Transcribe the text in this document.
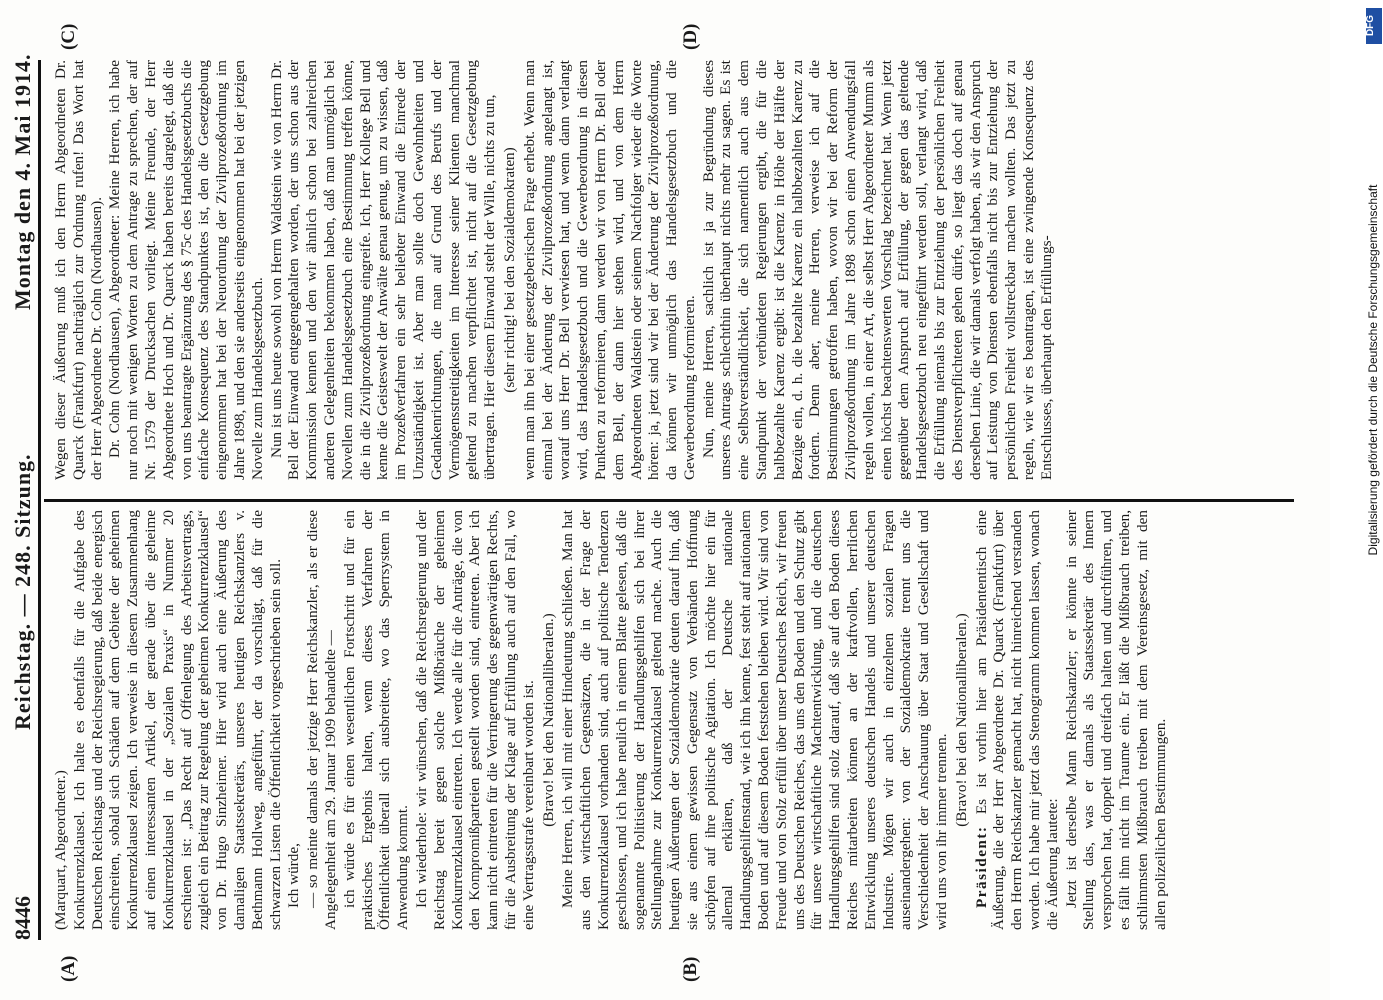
8446
Reichstag. — 248. Sitzung.
Montag den 4. Mai 1914.
(A)	(B)
(C)	(D)

(Marquart, Abgeordneter.) Konkurrenzklausel. Ich halte es ebenfalls für die Aufgabe des Deutschen Reichstags und der Reichsregierung, daß beide energisch einschreiten, sobald sich Schäden auf dem Gebiete der geheimen Konkurrenzklausel zeigen. Ich verweise in diesem Zusammenhang auf einen interessanten Artikel, der gerade über die geheime Konkurrenzklausel in der „Sozialen Praxis“ in Nummer 20 erschienen ist: „Das Recht auf Offenlegung des Arbeitsvertrags, zugleich ein Beitrag zur Regelung der geheimen Konkurrenzklausel“ von Dr. Hugo Sinzheimer. Hier wird auch eine Äußerung des damaligen Staatssekretärs, unseres heutigen Reichskanzlers v. Bethmann Hollweg, angeführt, der da vorschlägt, daß für die schwarzen Listen die Öffentlichkeit vorgeschrieben sein soll. Ich würde, — so meinte damals der jetzige Herr Reichskanzler, als er diese Angelegenheit am 29. Januar 1909 behandelte — ich würde es für einen wesentlichen Fortschritt und für ein praktisches Ergebnis halten, wenn dieses Verfahren der Öffentlichkeit überall sich ausbreitete, wo das Sperrsystem in Anwendung kommt. Ich wiederhole: wir wünschen, daß die Reichsregierung und der Reichstag bereit gegen solche Mißbräuche der geheimen Konkurrenzklausel eintreten. Ich werde alle für die Anträge, die von den Kompromißparteien gestellt worden sind, eintreten. Aber ich kann nicht eintreten für die Verringerung des gegenwärtigen Rechts, für die Ausbreitung der Klage auf Erfüllung auch auf den Fall, wo eine Vertragsstrafe vereinbart worden ist. (Bravo! bei den Nationalliberalen.) Meine Herren, ich will mit einer Hindeutung schließen. Man hat aus den wirtschaftlichen Gegensätzen, die in der Frage der Konkurrenzklausel vorhanden sind, auch auf politische Tendenzen geschlossen, und ich habe neulich in einem Blatte gelesen, daß die sogenannte Politisierung der Handlungsgehilfen sich bei ihrer Stellungnahme zur Konkurrenzklausel geltend mache. Auch die heutigen Äußerungen der Sozialdemokratie deuten darauf hin, daß sie aus einem gewissen Gegensatz von Verbänden Hoffnung schöpfen auf ihre politische Agitation. Ich möchte hier ein für allemal erklären, daß der Deutsche nationale Handlungsgehilfenstand, wie ich ihn kenne, fest steht auf nationalem Boden und auf diesem Boden feststehen bleiben wird. Wir sind von Freude und von Stolz erfüllt über unser Deutsches Reich, wir freuen uns des Deutschen Reiches, das uns den Boden und den Schutz gibt für unsere wirtschaftliche Machtentwicklung, und die deutschen Handlungsgehilfen sind stolz darauf, daß sie auf den Boden dieses Reiches mitarbeiten können an der kraftvollen, herrlichen Entwicklung unseres deutschen Handels und unserer deutschen Industrie. Mögen wir auch in einzelnen sozialen Fragen auseinandergehen: von der Sozialdemokratie trennt uns die Verschiedenheit der Anschauung über Staat und Gesellschaft und wird uns von ihr immer trennen.

(Bravo! bei den Nationalliberalen.)

Präsident: Es ist vorhin hier am Präsidententisch eine Äußerung, die der Herr Abgeordnete Dr. Quarck (Frankfurt) über den Herrn Reichskanzler gemacht hat, nicht hinreichend verstanden worden. Ich habe mir jetzt das Stenogramm kommen lassen, wonach die Äußerung lautete: Jetzt ist derselbe Mann Reichskanzler; er könnte in seiner Stellung das, was er damals als Staatssekretär des Innern versprochen hat, doppelt und dreifach halten und durchführen, und es fällt ihm nicht im Traume ein. Er läßt die Mißbrauch treiben, schlimmsten Mißbrauch treiben mit dem Vereinsgesetz, mit den allen polizeilichen Bestimmungen.

Wegen dieser Äußerung muß ich den Herrn Abgeordneten Dr. Quarck (Frankfurt) nachträglich zur Ordnung rufen! Das Wort hat der Herr Abgeordnete Dr. Cohn (Nordhausen). Dr. Cohn (Nordhausen), Abgeordneter: Meine Herren, ich habe nur noch mit wenigen Worten zu dem Antrage zu sprechen, der auf Nr. 1579 der Drucksachen vorliegt. Meine Freunde, der Herr Abgeordnete Hoch und Dr. Quarck haben bereits dargelegt, daß die von uns beantragte Ergänzung des § 75c des Handelsgesetzbuchs die einfache Konsequenz des Standpunktes ist, den die Gesetzgebung eingenommen hat bei der Neuordnung der Zivilprozeßordnung im Jahre 1898, und den sie anderseits eingenommen hat bei der jetzigen Novelle zum Handelsgesetzbuch. Nun ist uns heute sowohl von Herrn Waldstein wie von Herrn Dr. Bell der Einwand entgegengehalten worden, der uns schon aus der Kommission kennen und den wir ähnlich schon bei zahlreichen anderen Gelegenheiten bekommen haben, daß man unmöglich bei Novellen zum Handelsgesetzbuch eine Bestimmung treffen könne, die in die Zivilprozeßordnung eingreife. Ich, Herr Kollege Bell und kenne die Geisteswelt der Anwälte genau genug, um zu wissen, daß im Prozeßverfahren ein sehr beliebter Einwand die Einrede der Unzuständigkeit ist. Aber man sollte doch Gewohnheiten und Gedankenrichtungen, die man auf Grund des Berufs und der Vermögensstreitigkeiten im Interesse seiner Klienten manchmal geltend zu machen verpflichtet ist, nicht auf die Gesetzgebung übertragen. Hier diesem Einwand steht der Wille, nichts zu tun, (sehr richtig! bei den Sozialdemokraten) wenn man ihn bei einer gesetzgeberischen Frage erhebt. Wenn man einmal bei der Änderung der Zivilprozeßordnung angelangt ist, worauf uns Herr Dr. Bell verwiesen hat, und wenn dann verlangt wird, das Handelsgesetzbuch und die Gewerbeordnung in diesen Punkten zu reformieren, dann werden wir von Herrn Dr. Bell oder dem Bell, der dann hier stehen wird, und von dem Herrn Abgeordneten Waldstein oder seinem Nachfolger wieder die Worte hören: ja, jetzt sind wir bei der Änderung der Zivilprozeßordnung, da können wir unmöglich das Handelsgesetzbuch und die Gewerbeordnung reformieren. Nun, meine Herren, sachlich ist ja zur Begründung dieses unseres Antrags schlechthin überhaupt nichts mehr zu sagen. Es ist eine Selbstverständlichkeit, die sich namentlich auch aus dem Standpunkt der verbündeten Regierungen ergibt, die für die halbbezahlte Karenz ergibt: ist die Karenz in Höhe der Hälfte der Bezüge ein, d. h. die bezahlte Karenz ein halbbezahlten Karenz zu fordern. Denn aber, meine Herren, verweise ich auf die Bestimmungen getroffen haben, wovon wir bei der Reform der Zivilprozeßordnung im Jahre 1898 schon einen Anwendungsfall regeln wollen, in einer Art, die selbst Herr Abgeordneter Mumm als einen höchst beachtenswerten Vorschlag bezeichnet hat. Wenn jetzt gegenüber dem Anspruch auf Erfüllung, der gegen das geltende Handelsgesetzbuch neu eingeführt werden soll, verlangt wird, daß die Erfüllung niemals bis zur Entziehung der persönlichen Freiheit des Dienstverpflichteten gehen dürfe, so liegt das doch auf genau derselben Linie, die wir damals verfolgt haben, als wir den Anspruch auf Leistung von Diensten ebenfalls nicht bis zur Entziehung der persönlichen Freiheit vollstreckbar machen wollten. Das jetzt zu regeln, wie wir es beantragen, ist eine zwingende Konsequenz des Entschlusses, überhaupt den Erfüllungs-	Digitalisierung gefördert durch die Deutsche Forschungsgemeinschaft
DFG
